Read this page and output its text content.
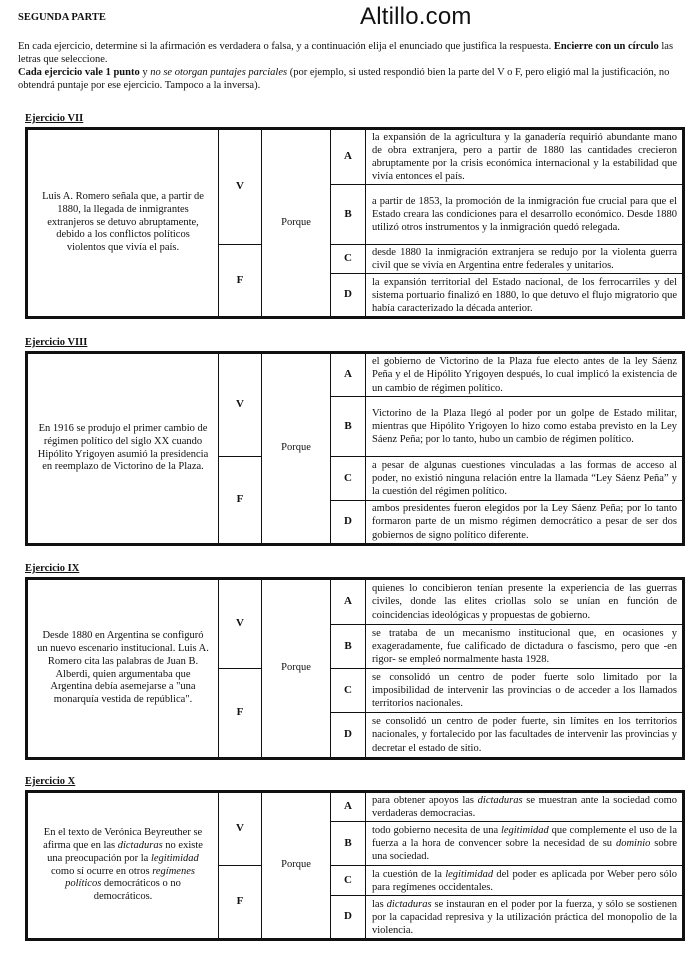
Altillo.com
SEGUNDA PARTE

En cada ejercicio, determine si la afirmación es verdadera o falsa, y a continuación elija el enunciado que justifica la respuesta. Encierre con un círculo las letras que seleccione.

Cada ejercicio vale 1 punto y no se otorgan puntajes parciales (por ejemplo, si usted respondió bien la parte del V o F, pero eligió mal la justificación, no obtendrá puntaje por ese ejercicio. Tampoco a la inversa).

Ejercicio VII
Luis A. Romero señala que, a partir de 1880, la llegada de inmigrantes extranjeros se detuvo abruptamente, debido a los conflictos políticos violentos que vivía el país.	V	Porque	A	la expansión de la agricultura y la ganadería requirió abundante mano de obra extranjera, pero a partir de 1880 las cantidades crecieron abruptamente por la crisis económica internacional y la estabilidad que vivía entonces el país.
			B	a partir de 1853, la promoción de la inmigración fue crucial para que el Estado creara las condiciones para el desarrollo económico. Desde 1880 utilizó otros instrumentos y la inmigración quedó relegada.
	F		C	desde 1880 la inmigración extranjera se redujo por la violenta guerra civil que se vivía en Argentina entre federales y unitarios.
			D	la expansión territorial del Estado nacional, de los ferrocarriles y del sistema portuario finalizó en 1880, lo que detuvo el flujo migratorio que había caracterizado la década anterior.
Ejercicio VIII
En 1916 se produjo el primer cambio de régimen político del siglo XX cuando Hipólito Yrigoyen asumió la presidencia en reemplazo de Victorino de la Plaza.	V	Porque	A	el gobierno de Victorino de la Plaza fue electo antes de la ley Sáenz Peña y el de Hipólito Yrigoyen después, lo cual implicó la existencia de un cambio de régimen político.
			B	Victorino de la Plaza llegó al poder por un golpe de Estado militar, mientras que Hipólito Yrigoyen lo hizo como estaba previsto en la Ley Sáenz Peña; por lo tanto, hubo un cambio de régimen político.
	F		C	a pesar de algunas cuestiones vinculadas a las formas de acceso al poder, no existió ninguna relación entre la llamada “Ley Sáenz Peña” y la cuestión del régimen político.
			D	ambos presidentes fueron elegidos por la Ley Sáenz Peña; por lo tanto formaron parte de un mismo régimen democrático a pesar de ser dos gobiernos de signo político diferente.
Ejercicio IX
Desde 1880 en Argentina se configuró un nuevo escenario institucional. Luis A. Romero cita las palabras de Juan B. Alberdi, quien argumentaba que Argentina debía asemejarse a "una monarquía vestida de república".	V	Porque	A	quienes lo concibieron tenían presente la experiencia de las guerras civiles, donde las elites criollas solo se unían en función de coincidencias ideológicas y propuestas de gobierno.
			B	se trataba de un mecanismo institucional que, en ocasiones y exageradamente, fue calificado de dictadura o fascismo, pero que -en rigor- se empleó normalmente hasta 1928.
	F		C	se consolidó un centro de poder fuerte solo limitado por la imposibilidad de intervenir las provincias o de acceder a los llamados territorios nacionales.
			D	se consolidó un centro de poder fuerte, sin límites en los territorios nacionales, y fortalecido por las facultades de intervenir las provincias y decretar el estado de sitio.
Ejercicio X
En el texto de Verónica Beyreuther se afirma que en las dictaduras no existe una preocupación por la legitimidad como sí ocurre en otros regímenes políticos democráticos o no democráticos.	V	Porque	A	para obtener apoyos las dictaduras se muestran ante la sociedad como verdaderas democracias.
			B	todo gobierno necesita de una legitimidad que complemente el uso de la fuerza a la hora de convencer sobre la necesidad de su dominio sobre una sociedad.
	F		C	la cuestión de la legitimidad del poder es aplicada por Weber pero sólo para regímenes occidentales.
			D	las dictaduras se instauran en el poder por la fuerza, y sólo se sostienen por la capacidad represiva y la utilización práctica del monopolio de la violencia.
